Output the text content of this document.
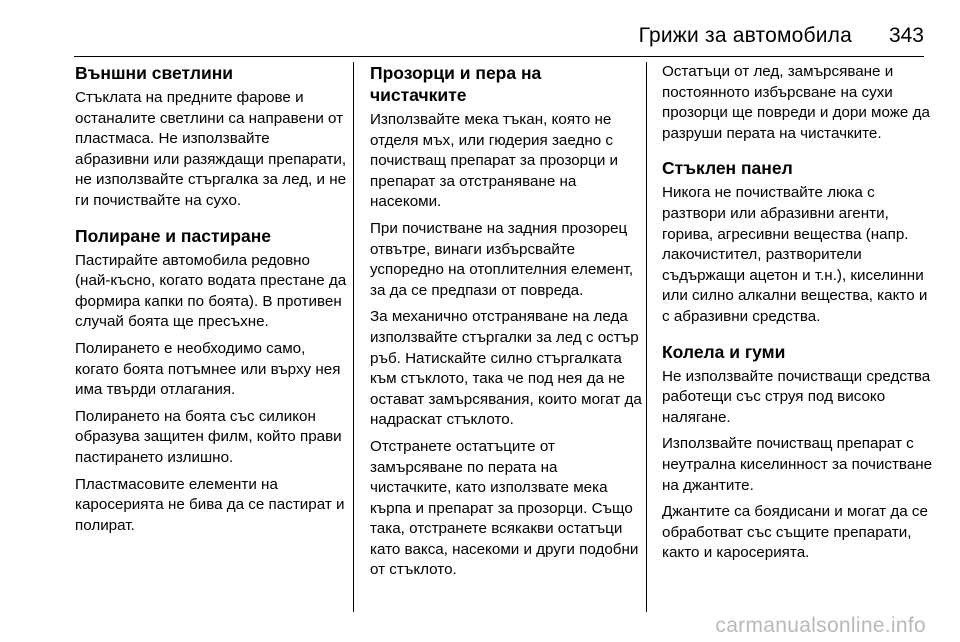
Грижи за автомобила 343
Външни светлини

Стъклата на предните фарове и останалите светлини са направени от пластмаса. Не използвайте абразивни или разяждащи препарати, не използвайте стъргалка за лед, и не ги почиствайте на сухо.

Полиране и пастиране

Пастирайте автомобила редовно (най-късно, когато водата престане да формира капки по боята). В противен случай боята ще пресъхне.

Полирането е необходимо само, когато боята потъмнее или върху нея има твърди отлагания.

Полирането на боята със силикон образува защитен филм, който прави пастирането излишно.

Пластмасовите елементи на каросерията не бива да се пастират и полират.

Прозорци и пера на чистачките

Използвайте мека тъкан, която не отделя мъх, или гюдерия заедно с почистващ препарат за прозорци и препарат за отстраняване на насекоми.

При почистване на задния прозорец отвътре, винаги избърсвайте успоредно на отоплителния елемент, за да се предпази от повреда.

За механично отстраняване на леда използвайте стъргалки за лед с остър ръб. Натискайте силно стъргалката към стъклото, така че под нея да не остават замърсявания, които могат да надраскат стъклото.

Отстранете остатъците от замърсяване по перата на чистачките, като използвате мека кърпа и препарат за прозорци. Също така, отстранете всякакви остатъци като вакса, насекоми и други подобни от стъклото.

Остатъци от лед, замърсяване и постоянното избърсване на сухи прозорци ще повреди и дори може да разруши перата на чистачките.

Стъклен панел

Никога не почиствайте люка с разтвори или абразивни агенти, горива, агресивни вещества (напр. лакочистител, разтворители съдържащи ацетон и т.н.), киселинни или силно алкални вещества, както и с абразивни средства.

Колела и гуми

Не използвайте почистващи средства работещи със струя под високо налягане.

Използвайте почистващ препарат с неутрална киселинност за почистване на джантите.

Джантите са боядисани и могат да се обработват със същите препарати, както и каросерията.

carmanualsonline.info
